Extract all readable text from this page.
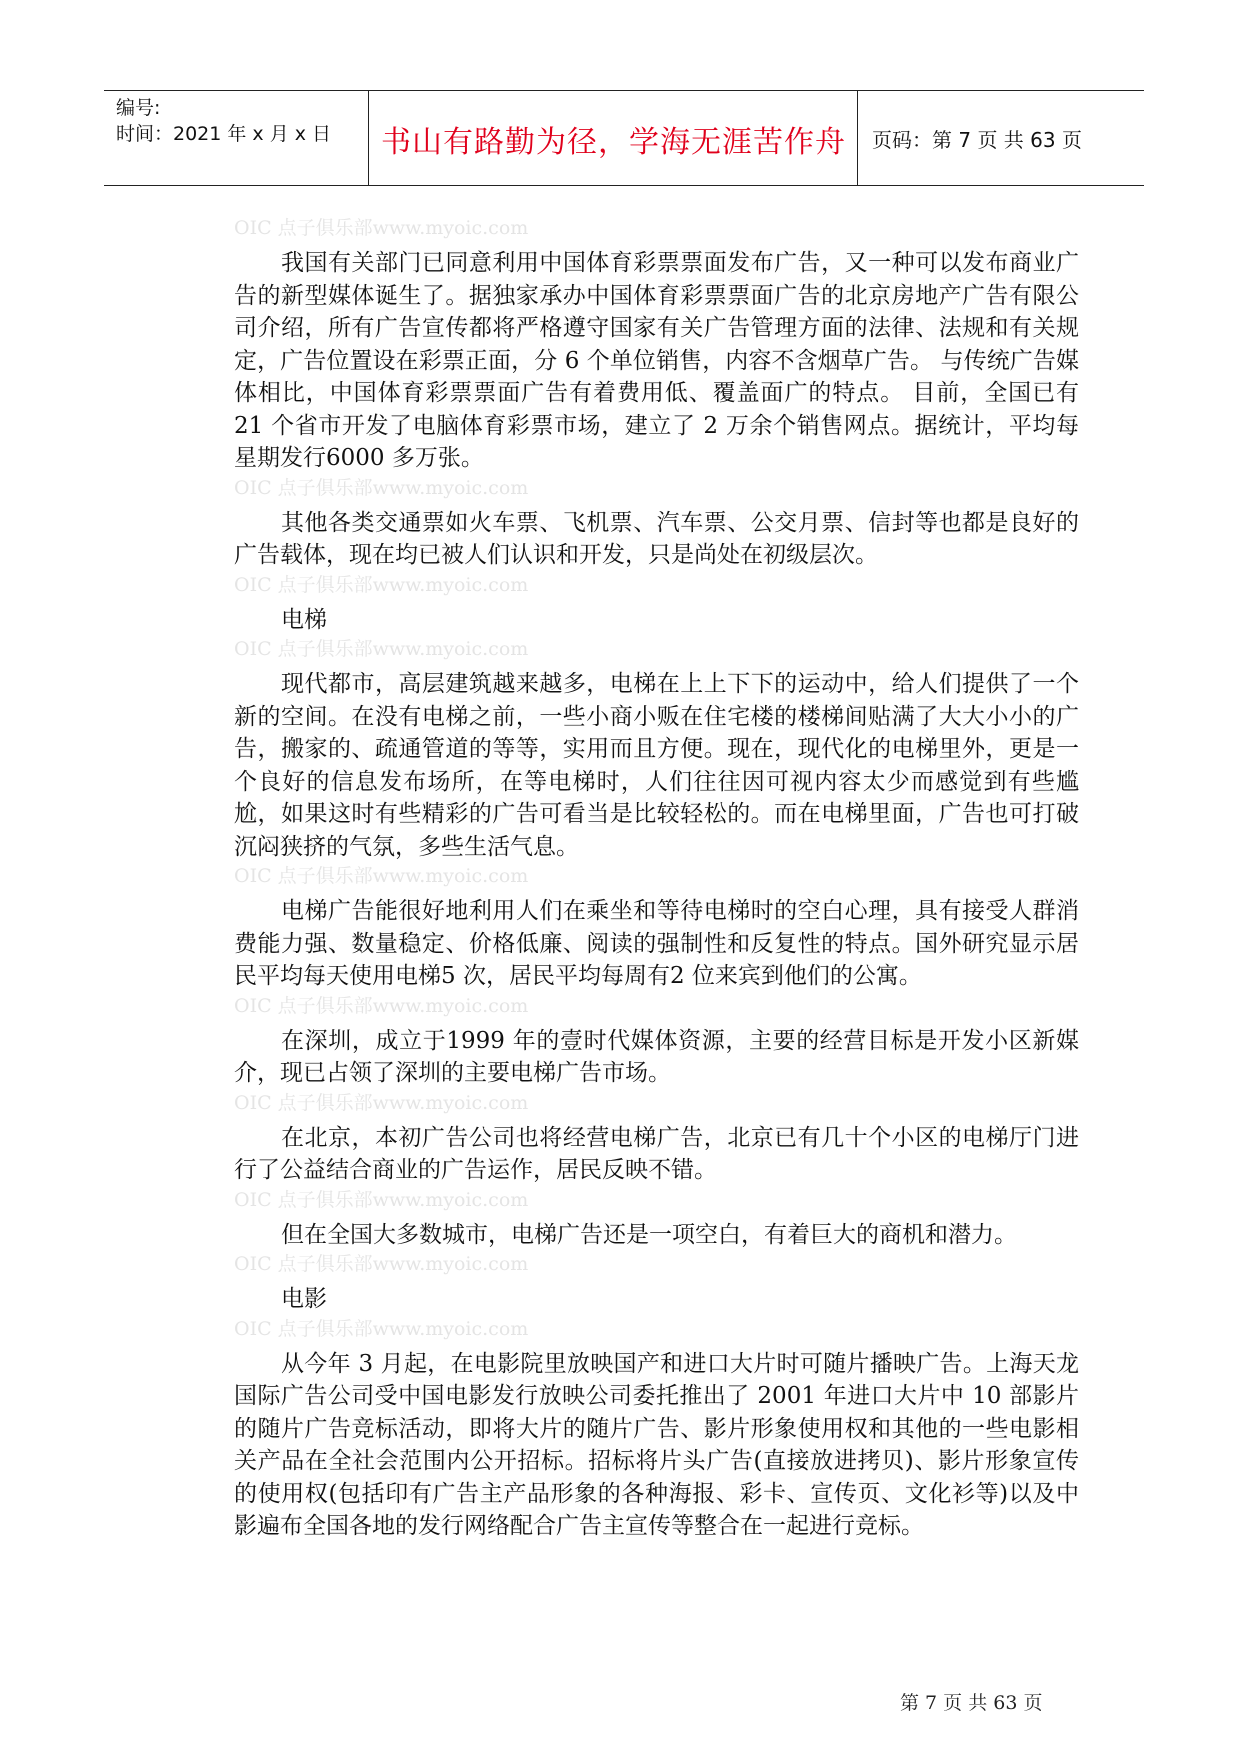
编号:
时间：2021 年 x 月 x 日	书山有路勤为径，学海无涯苦作舟	页码：第 7 页 共 63 页
OIC 点子俱乐部www.myoic.com

我国有关部门已同意利用中国体育彩票票面发布广告，又一种可以发布商业广告的新型媒体诞生了。据独家承办中国体育彩票票面广告的北京房地产广告有限公司介绍，所有广告宣传都将严格遵守国家有关广告管理方面的法律、法规和有关规定，广告位置设在彩票正面，分 6 个单位销售，内容不含烟草广告。 与传统广告媒体相比，中国体育彩票票面广告有着费用低、覆盖面广的特点。 目前，全国已有 21 个省市开发了电脑体育彩票市场，建立了 2 万余个销售网点。据统计，平均每星期发行6000 多万张。

OIC 点子俱乐部www.myoic.com

其他各类交通票如火车票、飞机票、汽车票、公交月票、信封等也都是良好的广告载体，现在均已被人们认识和开发，只是尚处在初级层次。

OIC 点子俱乐部www.myoic.com

电梯

OIC 点子俱乐部www.myoic.com

现代都市，高层建筑越来越多，电梯在上上下下的运动中，给人们提供了一个新的空间。在没有电梯之前，一些小商小贩在住宅楼的楼梯间贴满了大大小小的广告，搬家的、疏通管道的等等，实用而且方便。现在，现代化的电梯里外，更是一个良好的信息发布场所，在等电梯时，人们往往因可视内容太少而感觉到有些尴尬，如果这时有些精彩的广告可看当是比较轻松的。而在电梯里面，广告也可打破沉闷狭挤的气氛，多些生活气息。

OIC 点子俱乐部www.myoic.com

电梯广告能很好地利用人们在乘坐和等待电梯时的空白心理，具有接受人群消费能力强、数量稳定、价格低廉、阅读的强制性和反复性的特点。国外研究显示居民平均每天使用电梯5 次，居民平均每周有2 位来宾到他们的公寓。

OIC 点子俱乐部www.myoic.com

在深圳，成立于1999 年的壹时代媒体资源，主要的经营目标是开发小区新媒介，现已占领了深圳的主要电梯广告市场。

OIC 点子俱乐部www.myoic.com

在北京，本初广告公司也将经营电梯广告，北京已有几十个小区的电梯厅门进行了公益结合商业的广告运作，居民反映不错。

OIC 点子俱乐部www.myoic.com

但在全国大多数城市，电梯广告还是一项空白，有着巨大的商机和潜力。

OIC 点子俱乐部www.myoic.com

电影

OIC 点子俱乐部www.myoic.com

从今年 3 月起，在电影院里放映国产和进口大片时可随片播映广告。上海天龙国际广告公司受中国电影发行放映公司委托推出了 2001 年进口大片中 10 部影片的随片广告竞标活动，即将大片的随片广告、影片形象使用权和其他的一些电影相关产品在全社会范围内公开招标。招标将片头广告(直接放进拷贝)、影片形象宣传的使用权(包括印有广告主产品形象的各种海报、彩卡、宣传页、文化衫等)以及中影遍布全国各地的发行网络配合广告主宣传等整合在一起进行竞标。

第 7 页 共 63 页
